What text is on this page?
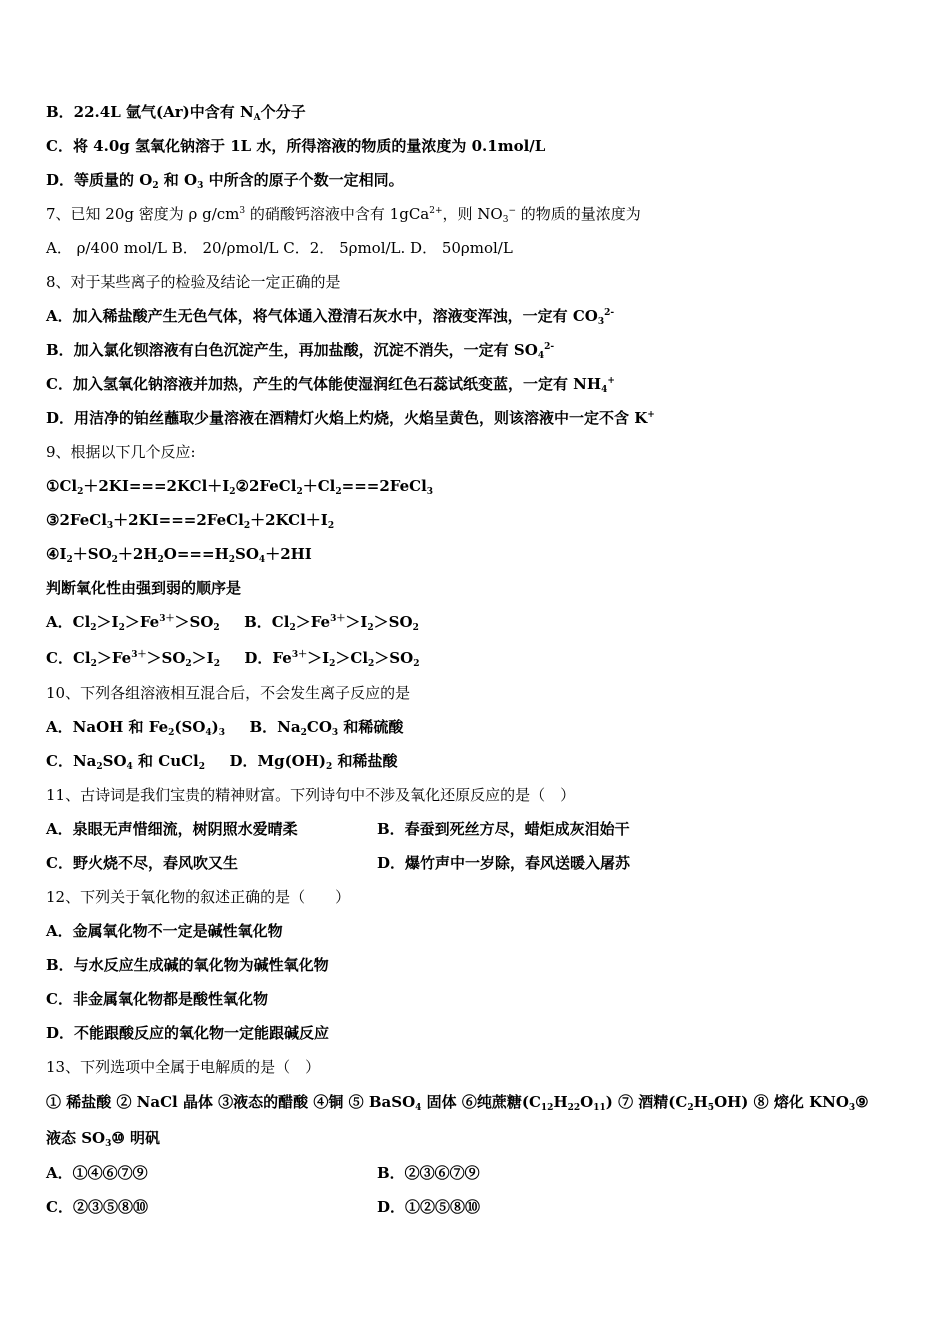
B．22.4L 氩气(Ar)中含有 $N_A$个分子
C．将 4.0g 氢氧化钠溶于 1L 水，所得溶液的物质的量浓度为 0.1mol/L
D．等质量的 $O_2$ 和 $O_3$ 中所含的原子个数一定相同。
7、已知 20g 密度为 ρ $g/cm^3$ 的硝酸钙溶液中含有 1gCa$^{2+}$，则 $NO_3^-$ 的物质的量浓度为
A． ρ/400 mol/L B． 20/ρmol/L C．2． 5ρmol/L. D． 50ρmol/L
8、对于某些离子的检验及结论一定正确的是
A．加入稀盐酸产生无色气体，将气体通入澄清石灰水中，溶液变浑浊，一定有 $CO_3^{2-}$
B．加入氯化钡溶液有白色沉淀产生，再加盐酸，沉淀不消失，一定有 $SO_4^{2-}$
C．加入氢氧化钠溶液并加热，产生的气体能使湿润红色石蕊试纸变蓝，一定有 $NH_4^+$
D．用洁净的铂丝蘸取少量溶液在酒精灯火焰上灼烧，火焰呈黄色，则该溶液中一定不含 K+
9、根据以下几个反应:
$①Cl_2+2KI===2KCl+I_2②2FeCl_2+Cl_2===2FeCl_3$
$③2FeCl_3+2KI===2FeCl_2+2KCl+I_2$
$④I_2+SO_2+2H_2O===H_2SO_4+2HI$
判断氧化性由强到弱的顺序是
A．$Cl_2>I_2>Fe^{3+}>SO_2$ B．$Cl_2>Fe^{3+}>I_2>SO_2$
C．$Cl_2>Fe^{3+}>SO_2>I_2$ D．$Fe^{3+}>I_2>Cl_2>SO_2$
10、下列各组溶液相互混合后，不会发生离子反应的是
A．NaOH 和 $Fe_2(SO_4)_3$ B．$Na_2CO_3$ 和稀硫酸
C．$Na_2SO_4$ 和 CuCl$_2$ D．$Mg(OH)_2$ 和稀盐酸
11、古诗词是我们宝贵的精神财富。下列诗句中不涉及氧化还原反应的是（　）
A．泉眼无声惜细流，树阴照水爱晴柔	B．春蚕到死丝方尽，蜡炬成灰泪始干
C．野火烧不尽，春风吹又生	D．爆竹声中一岁除，春风送暖入屠苏
12、下列关于氧化物的叙述正确的是（　　）
A．金属氧化物不一定是碱性氧化物
B．与水反应生成碱的氧化物为碱性氧化物
C．非金属氧化物都是酸性氧化物
D．不能跟酸反应的氧化物一定能跟碱反应
13、下列选项中全属于电解质的是（　）
① 稀盐酸 ② NaCl 晶体 ③液态的醋酸 ④铜 ⑤ BaSO$_4$ 固体 ⑥纯蔗糖$(C_{12}H_{22}O_{11})$ ⑦ 酒精$(C_2H_5OH)$ ⑧ 熔化 $KNO_3⑨$
液态 $SO_3⑩$ 明矾
A．①④⑥⑦⑨	B．②③⑥⑦⑨
C．②③⑤⑧⑩	D．①②⑤⑧⑩
